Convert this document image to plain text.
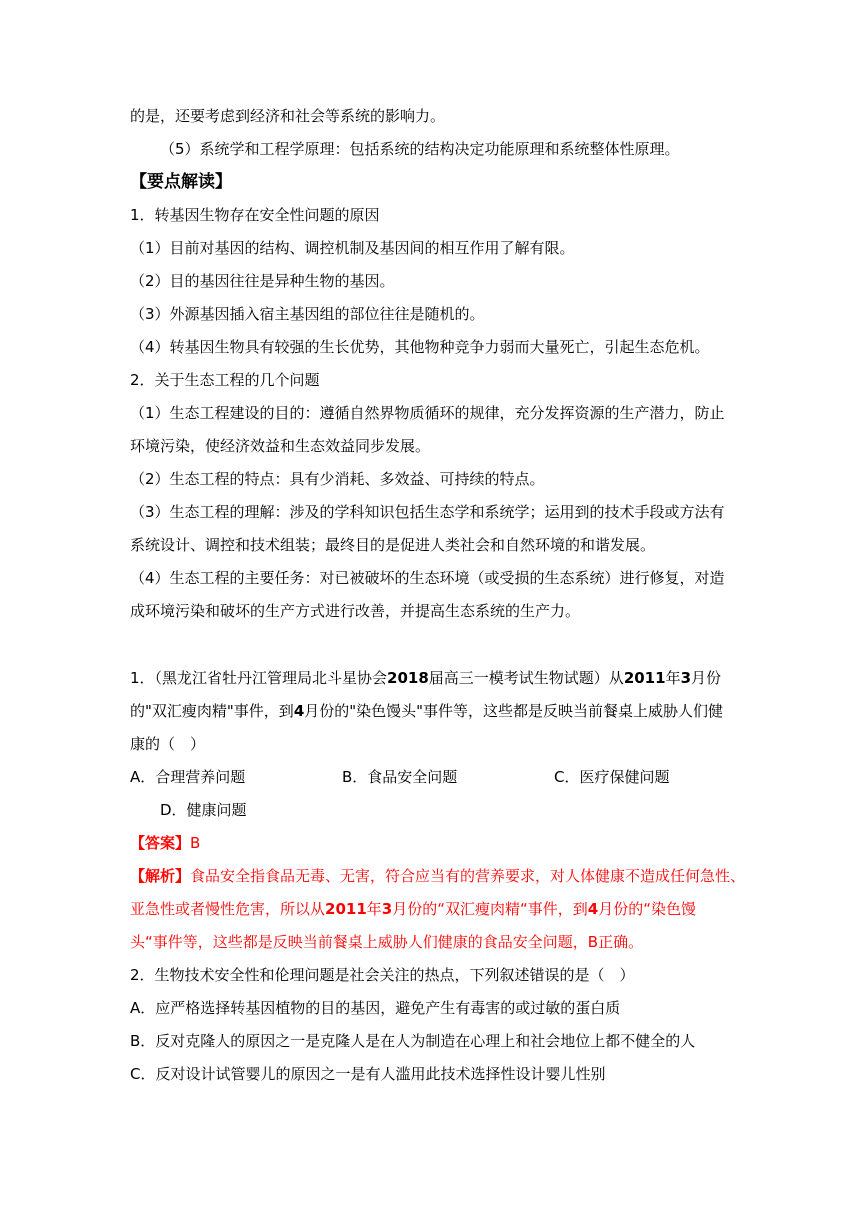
的是，还要考虑到经济和社会等系统的影响力。

（5）系统学和工程学原理：包括系统的结构决定功能原理和系统整体性原理。

【要点解读】

1．转基因生物存在安全性问题的原因

（1）目前对基因的结构、调控机制及基因间的相互作用了解有限。

（2）目的基因往往是异种生物的基因。

（3）外源基因插入宿主基因组的部位往往是随机的。

（4）转基因生物具有较强的生长优势，其他物种竞争力弱而大量死亡，引起生态危机。

2．关于生态工程的几个问题

（1）生态工程建设的目的：遵循自然界物质循环的规律，充分发挥资源的生产潜力，防止

环境污染，使经济效益和生态效益同步发展。

（2）生态工程的特点：具有少消耗、多效益、可持续的特点。

（3）生态工程的理解：涉及的学科知识包括生态学和系统学；运用到的技术手段或方法有

系统设计、调控和技术组装；最终目的是促进人类社会和自然环境的和谐发展。

（4）生态工程的主要任务：对已被破坏的生态环境（或受损的生态系统）进行修复，对造

成环境污染和破坏的生产方式进行改善，并提高生态系统的生产力。

1．（黑龙江省牡丹江管理局北斗星协会2018届高三一模考试生物试题）从2011年3月份

的"双汇瘦肉精"事件，到4月份的"染色馒头"事件等，这些都是反映当前餐桌上威胁人们健

康的（　）

A．合理营养问题	B．食品安全问题	C．医疗保健问题

D．健康问题

【答案】B

【解析】食品安全指食品无毒、无害，符合应当有的营养要求，对人体健康不造成任何急性、

亚急性或者慢性危害，所以从2011年3月份的“双汇瘦肉精“事件，到4月份的“染色馒

头“事件等，这些都是反映当前餐桌上威胁人们健康的食品安全问题，B正确。

2．生物技术安全性和伦理问题是社会关注的热点，下列叙述错误的是（　）

A．应严格选择转基因植物的目的基因，避免产生有毒害的或过敏的蛋白质

B．反对克隆人的原因之一是克隆人是在人为制造在心理上和社会地位上都不健全的人

C．反对设计试管婴儿的原因之一是有人滥用此技术选择性设计婴儿性别
